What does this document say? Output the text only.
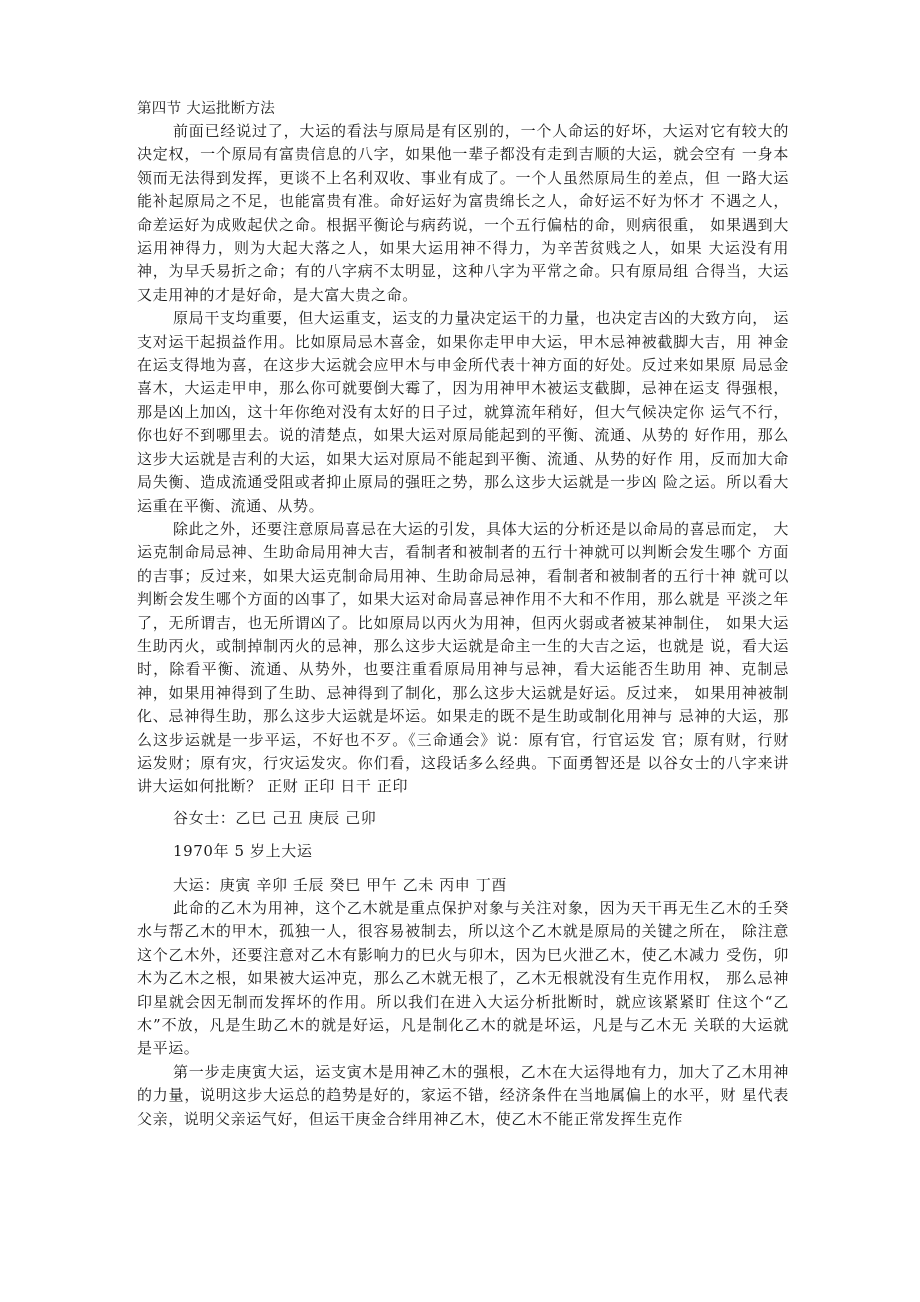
第四节 大运批断方法

前面已经说过了，大运的看法与原局是有区别的，一个人命运的好坏，大运对它有较大的决定权，一个原局有富贵信息的八字，如果他一辈子都没有走到吉顺的大运，就会空有 一身本领而无法得到发挥，更谈不上名利双收、事业有成了。一个人虽然原局生的差点，但 一路大运能补起原局之不足，也能富贵有准。命好运好为富贵绵长之人，命好运不好为怀才 不遇之人，命差运好为成败起伏之命。根据平衡论与病药说，一个五行偏枯的命，则病很重， 如果遇到大运用神得力，则为大起大落之人，如果大运用神不得力，为辛苦贫贱之人，如果 大运没有用神，为早夭易折之命；有的八字病不太明显，这种八字为平常之命。只有原局组 合得当，大运又走用神的才是好命，是大富大贵之命。

原局干支均重要，但大运重支，运支的力量决定运干的力量，也决定吉凶的大致方向， 运支对运干起损益作用。比如原局忌木喜金，如果你走甲申大运，甲木忌神被截脚大吉，用 神金在运支得地为喜，在这步大运就会应甲木与申金所代表十神方面的好处。反过来如果原 局忌金喜木，大运走甲申，那么你可就要倒大霉了，因为用神甲木被运支截脚，忌神在运支 得强根，那是凶上加凶，这十年你绝对没有太好的日子过，就算流年稍好，但大气候决定你 运气不行，你也好不到哪里去。说的清楚点，如果大运对原局能起到的平衡、流通、从势的 好作用，那么这步大运就是吉利的大运，如果大运对原局不能起到平衡、流通、从势的好作 用，反而加大命局失衡、造成流通受阻或者抑止原局的强旺之势，那么这步大运就是一步凶 险之运。所以看大运重在平衡、流通、从势。

除此之外，还要注意原局喜忌在大运的引发，具体大运的分析还是以命局的喜忌而定， 大运克制命局忌神、生助命局用神大吉，看制者和被制者的五行十神就可以判断会发生哪个 方面的吉事；反过来，如果大运克制命局用神、生助命局忌神，看制者和被制者的五行十神 就可以判断会发生哪个方面的凶事了，如果大运对命局喜忌神作用不大和不作用，那么就是 平淡之年了，无所谓吉，也无所谓凶了。比如原局以丙火为用神，但丙火弱或者被某神制住， 如果大运生助丙火，或制掉制丙火的忌神，那么这步大运就是命主一生的大吉之运，也就是 说，看大运时，除看平衡、流通、从势外，也要注重看原局用神与忌神，看大运能否生助用 神、克制忌神，如果用神得到了生助、忌神得到了制化，那么这步大运就是好运。反过来， 如果用神被制化、忌神得生助，那么这步大运就是坏运。如果走的既不是生助或制化用神与 忌神的大运，那么这步运就是一步平运，不好也不歹。《三命通会》说：原有官，行官运发 官；原有财，行财运发财；原有灾，行灾运发灾。你们看，这段话多么经典。下面勇智还是 以谷女士的八字来讲讲大运如何批断？ 正财 正印 日干 正印

谷女士：乙巳 己丑 庚辰 己卯

1970年 5 岁上大运

大运：庚寅 辛卯 壬辰 癸巳 甲午 乙未 丙申 丁酉

此命的乙木为用神，这个乙木就是重点保护对象与关注对象，因为天干再无生乙木的壬癸水与帮乙木的甲木，孤独一人，很容易被制去，所以这个乙木就是原局的关键之所在， 除注意这个乙木外，还要注意对乙木有影响力的巳火与卯木，因为巳火泄乙木，使乙木减力 受伤，卯木为乙木之根，如果被大运冲克，那么乙木就无根了，乙木无根就没有生克作用权， 那么忌神印星就会因无制而发挥坏的作用。所以我们在进入大运分析批断时，就应该紧紧盯 住这个“乙木”不放，凡是生助乙木的就是好运，凡是制化乙木的就是坏运，凡是与乙木无 关联的大运就是平运。

第一步走庚寅大运，运支寅木是用神乙木的强根，乙木在大运得地有力，加大了乙木用神的力量，说明这步大运总的趋势是好的，家运不错，经济条件在当地属偏上的水平，财 星代表父亲，说明父亲运气好，但运干庚金合绊用神乙木，使乙木不能正常发挥生克作
